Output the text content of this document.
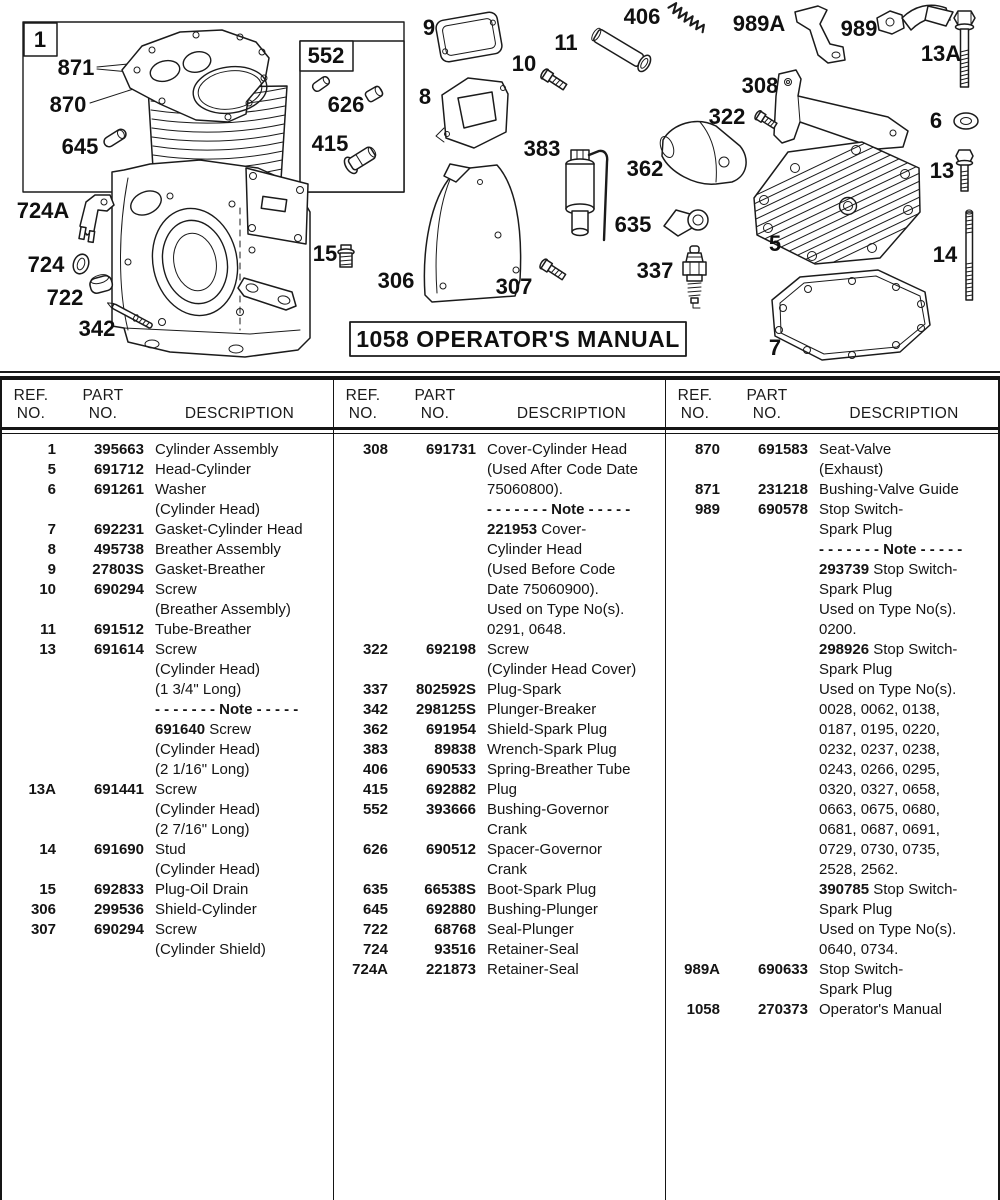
1058 OPERATOR'S MANUAL
1
871
870
645
724A
724
722
342
552
626
415
15
9
10
8
11
383
306	307
362
635
337
406	989A	989
13A
308
322	6
13
5	14
7
REF.
NO.
PART
NO.	DESCRIPTION
1	395663 Cylinder Assembly
5	691712 Head-Cylinder
6	691261 Washer
(Cylinder Head)
7	692231 Gasket-Cylinder Head
8	495738 Breather Assembly
9	27803S Gasket-Breather
10	690294 Screw
(Breather Assembly)
11	691512 Tube-Breather
13	691614 Screw
(Cylinder Head)
(1 3/4" Long)
- - - - - - - Note - - - - -
691640 Screw
(Cylinder Head)
(2 1/16" Long)
13A	691441 Screw
(Cylinder Head)
(2 7/16" Long)
14	691690 Stud
(Cylinder Head)
15	692833 Plug-Oil Drain
306	299536 Shield-Cylinder
307	690294 Screw
(Cylinder Shield)
REF.
NO.
PART
NO.	DESCRIPTION
308	691731 Cover-Cylinder Head
(Used After Code Date
75060800).
- - - - - - - Note - - - - -
221953 Cover-
Cylinder Head
(Used Before Code
Date 75060900).
Used on Type No(s).
0291, 0648.
322	692198 Screw
(Cylinder Head Cover)
337	802592S Plug-Spark
342	298125S Plunger-Breaker
362	691954 Shield-Spark Plug
383	89838 Wrench-Spark Plug
406	690533 Spring-Breather Tube
415	692882 Plug
552	393666 Bushing-Governor
Crank
626	690512 Spacer-Governor
Crank
635	66538S Boot-Spark Plug
645	692880 Bushing-Plunger
722	68768 Seal-Plunger
724	93516 Retainer-Seal
724A	221873 Retainer-Seal
REF.
NO.
PART
NO.	DESCRIPTION
870	691583 Seat-Valve
(Exhaust)
871	231218 Bushing-Valve Guide
989	690578 Stop Switch-
Spark Plug
- - - - - - - Note - - - - -
293739 Stop Switch-
Spark Plug
Used on Type No(s).
0200.
298926 Stop Switch-
Spark Plug
Used on Type No(s).
0028, 0062, 0138,
0187, 0195, 0220,
0232, 0237, 0238,
0243, 0266, 0295,
0320, 0327, 0658,
0663, 0675, 0680,
0681, 0687, 0691,
0729, 0730, 0735,
2528, 2562.
390785 Stop Switch-
Spark Plug
Used on Type No(s).
0640, 0734.
989A	690633 Stop Switch-
Spark Plug
1058	270373 Operator's Manual
